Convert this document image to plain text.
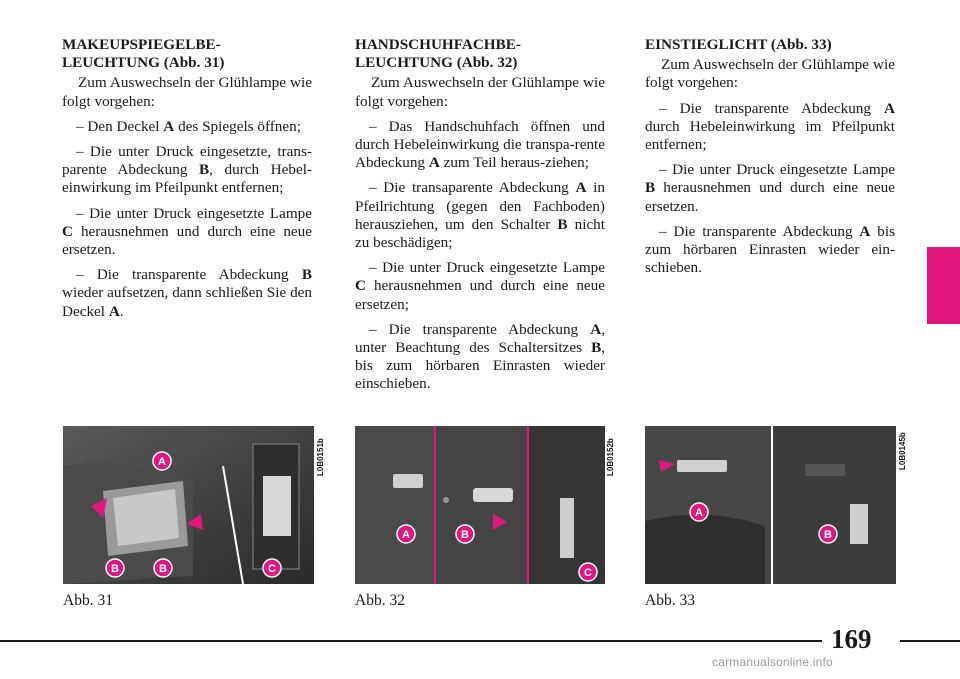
MAKEUPSPIEGELBE-
LEUCHTUNG (Abb. 31)

Zum Auswechseln der Glühlampe wie folgt vorgehen:

– Den Deckel A des Spiegels öffnen;

– Die unter Druck eingesetzte, trans-parente Abdeckung B, durch Hebel-einwirkung im Pfeilpunkt entfernen;

– Die unter Druck eingesetzte Lampe C herausnehmen und durch eine neue ersetzen.

– Die transparente Abdeckung B wieder aufsetzen, dann schließen Sie den Deckel A.

HANDSCHUHFACHBE-
LEUCHTUNG (Abb. 32)

Zum Auswechseln der Glühlampe wie folgt vorgehen:

– Das Handschuhfach öffnen und durch Hebeleinwirkung die transpa-rente Abdeckung A zum Teil heraus-ziehen;

– Die transaparente Abdeckung A in Pfeilrichtung (gegen den Fachboden) herausziehen, um den Schalter B nicht zu beschädigen;

– Die unter Druck eingesetzte Lampe C herausnehmen und durch eine neue ersetzen;

– Die transparente Abdeckung A, unter Beachtung des Schaltersitzes B, bis zum hörbaren Einrasten wieder einschieben.

EINSTIEGLICHT (Abb. 33)

Zum Auswechseln der Glühlampe wie folgt vorgehen:

– Die transparente Abdeckung A durch Hebeleinwirkung im Pfeilpunkt entfernen;

– Die unter Druck eingesetzte Lampe B herausnehmen und durch eine neue ersetzen.

– Die transparente Abdeckung A bis zum hörbaren Einrasten wieder ein-schieben.

A
B	B	C
L0B0151b
Abb. 31
A	B
C
L0B0152b
Abb. 32
A
B
L0B0145b
Abb. 33
169
carmanualsonline.info
